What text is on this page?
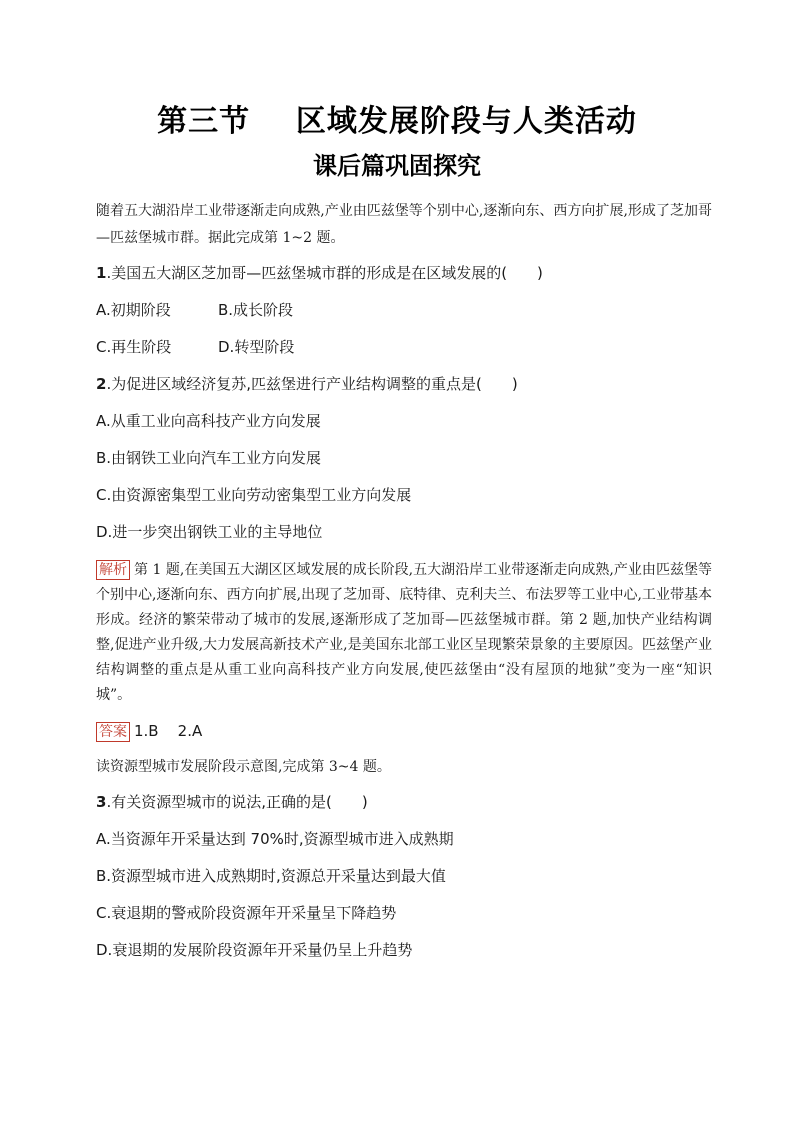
第三节    区域发展阶段与人类活动
课后篇巩固探究

随着五大湖沿岸工业带逐渐走向成熟,产业由匹兹堡等个别中心,逐渐向东、西方向扩展,形成了芝加哥—匹兹堡城市群。据此完成第 1~2 题。

1.美国五大湖区芝加哥—匹兹堡城市群的形成是在区域发展的(　　)

A.初期阶段	B.成长阶段
C.再生阶段	D.转型阶段

2.为促进区域经济复苏,匹兹堡进行产业结构调整的重点是(　　)

A.从重工业向高科技产业方向发展

B.由钢铁工业向汽车工业方向发展

C.由资源密集型工业向劳动密集型工业方向发展

D.进一步突出钢铁工业的主导地位

解析 第 1 题,在美国五大湖区区域发展的成长阶段,五大湖沿岸工业带逐渐走向成熟,产业由匹兹堡等个别中心,逐渐向东、西方向扩展,出现了芝加哥、底特律、克利夫兰、布法罗等工业中心,工业带基本形成。经济的繁荣带动了城市的发展,逐渐形成了芝加哥—匹兹堡城市群。第 2 题,加快产业结构调整,促进产业升级,大力发展高新技术产业,是美国东北部工业区呈现繁荣景象的主要原因。匹兹堡产业结构调整的重点是从重工业向高科技产业方向发展,使匹兹堡由“没有屋顶的地狱”变为一座“知识城”。

答案 1.B    2.A

读资源型城市发展阶段示意图,完成第 3~4 题。

3.有关资源型城市的说法,正确的是(　　)

A.当资源年开采量达到 70%时,资源型城市进入成熟期

B.资源型城市进入成熟期时,资源总开采量达到最大值

C.衰退期的警戒阶段资源年开采量呈下降趋势

D.衰退期的发展阶段资源年开采量仍呈上升趋势
